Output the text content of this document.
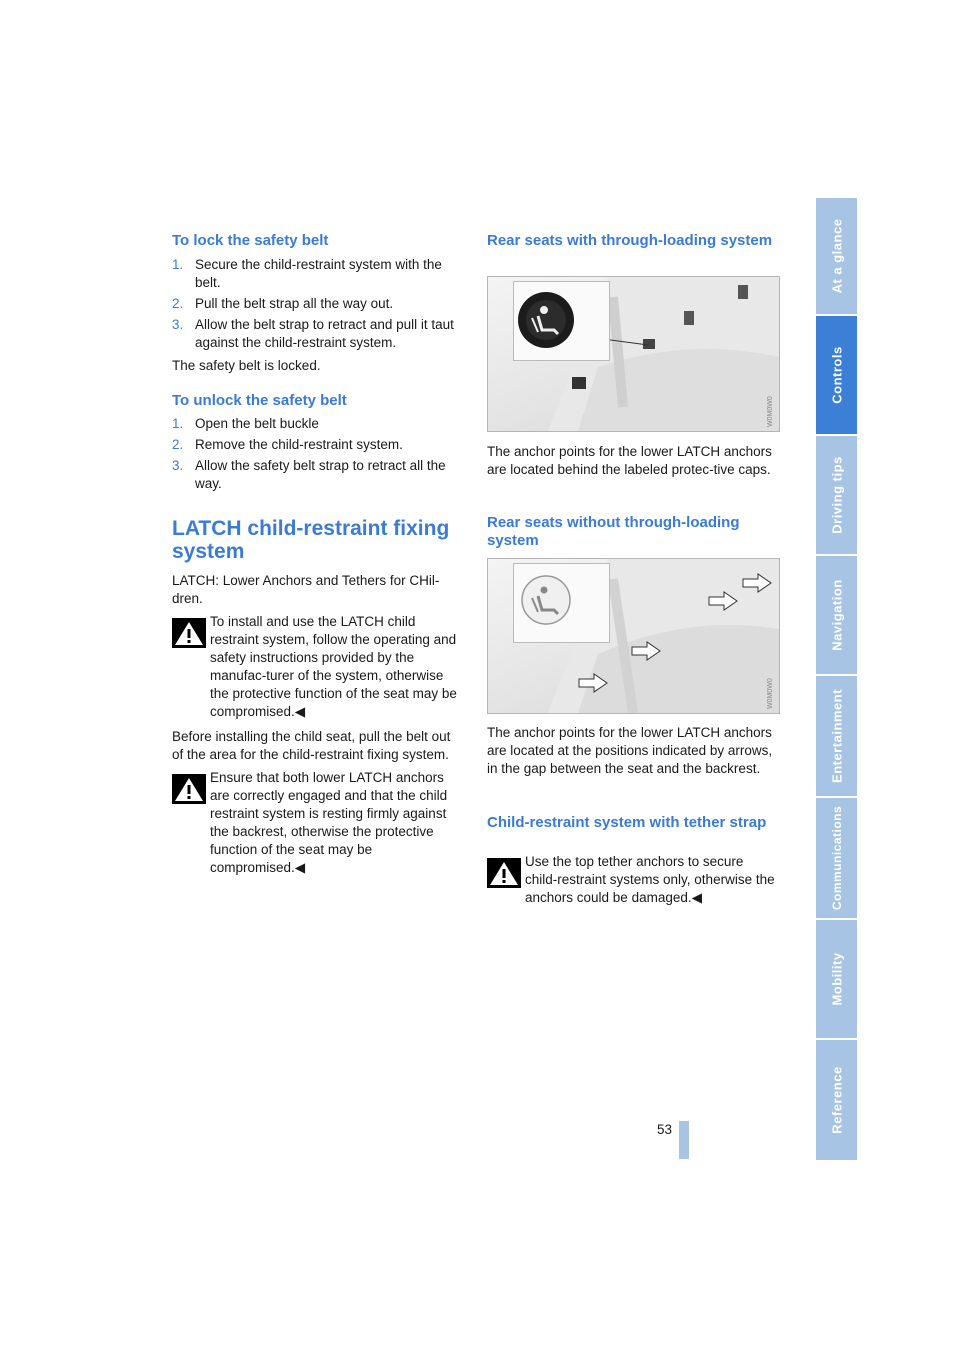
At a glance
Controls
Driving tips
Navigation
Entertainment
Communications
Mobility
Reference
To lock the safety belt
1. Secure the child-restraint system with the belt.
2. Pull the belt strap all the way out.
3. Allow the belt strap to retract and pull it taut against the child-restraint system.

The safety belt is locked.

To unlock the safety belt
1. Open the belt buckle
2. Remove the child-restraint system.
3. Allow the safety belt strap to retract all the way.
LATCH child-restraint fixing system

LATCH: Lower Anchors and Tethers for CHil-dren.

To install and use the LATCH child restraint system, follow the operating and safety instructions provided by the manufac-turer of the system, otherwise the protective function of the seat may be compromised.◀

Before installing the child seat, pull the belt out of the area for the child-restraint fixing system.

Ensure that both lower LATCH anchors are correctly engaged and that the child restraint system is resting firmly against the backrest, otherwise the protective function of the seat may be compromised.◀
Rear seats with through-loading system
W0M0W0

The anchor points for the lower LATCH anchors are located behind the labeled protec-tive caps.

Rear seats without through-loading system
W0M0W0

The anchor points for the lower LATCH anchors are located at the positions indicated by arrows, in the gap between the seat and the backrest.

Child-restraint system with tether strap
Use the top tether anchors to secure child-restraint systems only, otherwise the anchors could be damaged.◀
53
